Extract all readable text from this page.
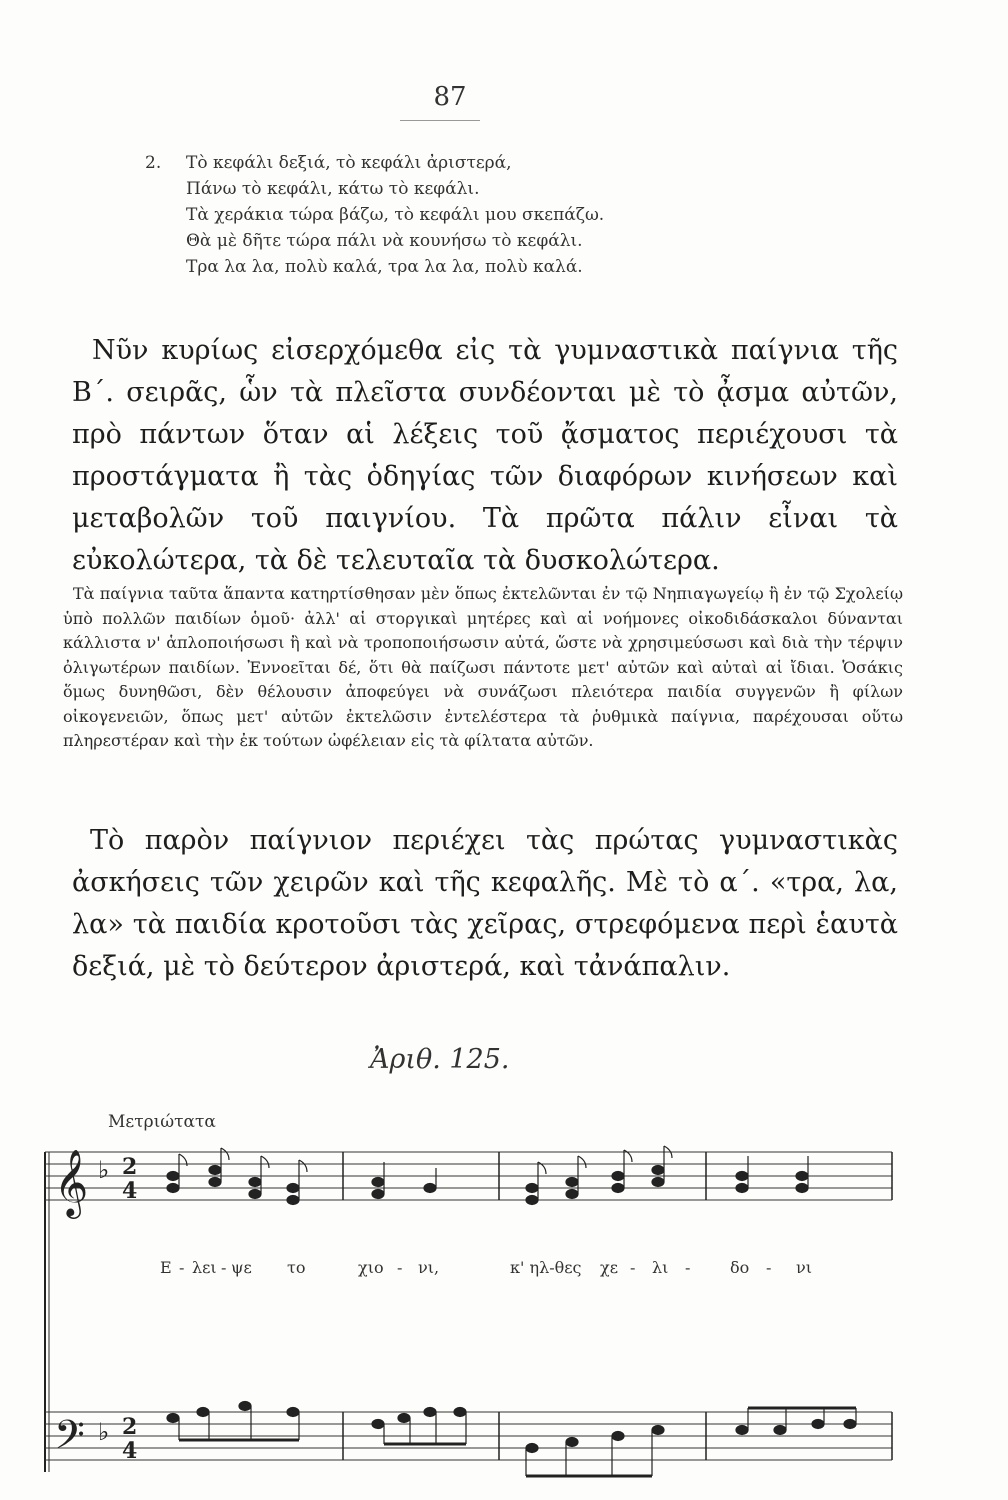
87
2.	Τὸ κεφάλι δεξιά, τὸ κεφάλι ἀριστερά,
Πάνω τὸ κεφάλι, κάτω τὸ κεφάλι.
Τὰ χεράκια τώρα βάζω, τὸ κεφάλι μου σκεπάζω.
Θὰ μὲ δῆτε τώρα πάλι νὰ κουνήσω τὸ κεφάλι.
Τρα λα λα, πολὺ καλά, τρα λα λα, πολὺ καλά.

Νῦν κυρίως εἰσερχόμεθα εἰς τὰ γυμναστικὰ παίγνια τῆς Β΄. σειρᾶς, ὧν τὰ πλεῖστα συνδέονται μὲ τὸ ᾆσμα αὐτῶν, πρὸ πάντων ὅταν αἱ λέξεις τοῦ ᾄσματος περιέχουσι τὰ προστάγματα ἢ τὰς ὁδηγίας τῶν διαφόρων κινήσεων καὶ μεταβολῶν τοῦ παιγνίου. Τὰ πρῶτα πάλιν εἶναι τὰ εὐκολώτερα, τὰ δὲ τελευταῖα τὰ δυσκολώτερα.

Τὰ παίγνια ταῦτα ἅπαντα κατηρτίσθησαν μὲν ὅπως ἐκτελῶνται ἐν τῷ Νηπιαγωγείῳ ἢ ἐν τῷ Σχολείῳ ὑπὸ πολλῶν παιδίων ὁμοῦ· ἀλλ' αἱ στοργικαὶ μητέρες καὶ αἱ νοήμονες οἰκοδιδάσκαλοι δύνανται κάλλιστα ν' ἁπλοποιήσωσι ἢ καὶ νὰ τροποποιήσωσιν αὐτά, ὥστε νὰ χρησιμεύσωσι καὶ διὰ τὴν τέρψιν ὀλιγωτέρων παιδίων. Ἐννοεῖται δέ, ὅτι θὰ παίζωσι πάντοτε μετ' αὐτῶν καὶ αὐταὶ αἱ ἴδιαι. Ὁσάκις ὅμως δυνηθῶσι, δὲν θέλουσιν ἀποφεύγει νὰ συνάζωσι πλειότερα παιδία συγγενῶν ἢ φίλων οἰκογενειῶν, ὅπως μετ' αὐτῶν ἐκτελῶσιν ἐντελέστερα τὰ ῥυθμικὰ παίγνια, παρέχουσαι οὕτω πληρεστέραν καὶ τὴν ἐκ τούτων ὠφέλειαν εἰς τὰ φίλτατα αὐτῶν.

Τὸ παρὸν παίγνιον περιέχει τὰς πρώτας γυμναστικὰς ἀσκήσεις τῶν χειρῶν καὶ τῆς κεφαλῆς. Μὲ τὸ α΄. «τρα, λα, λα» τὰ παιδία κροτοῦσι τὰς χεῖρας, στρεφόμενα περὶ ἑαυτὰ δεξιά, μὲ τὸ δεύτερον ἀριστερά, καὶ τἀνάπαλιν.

Ἀριθ. 125.
Μετριώτατα
𝄞
𝄢
♭
♭
2
4
2
4
Ε - λει - ψε το	χιο - νι,	κ' ηλ-θες χε - λι - δο - νι
